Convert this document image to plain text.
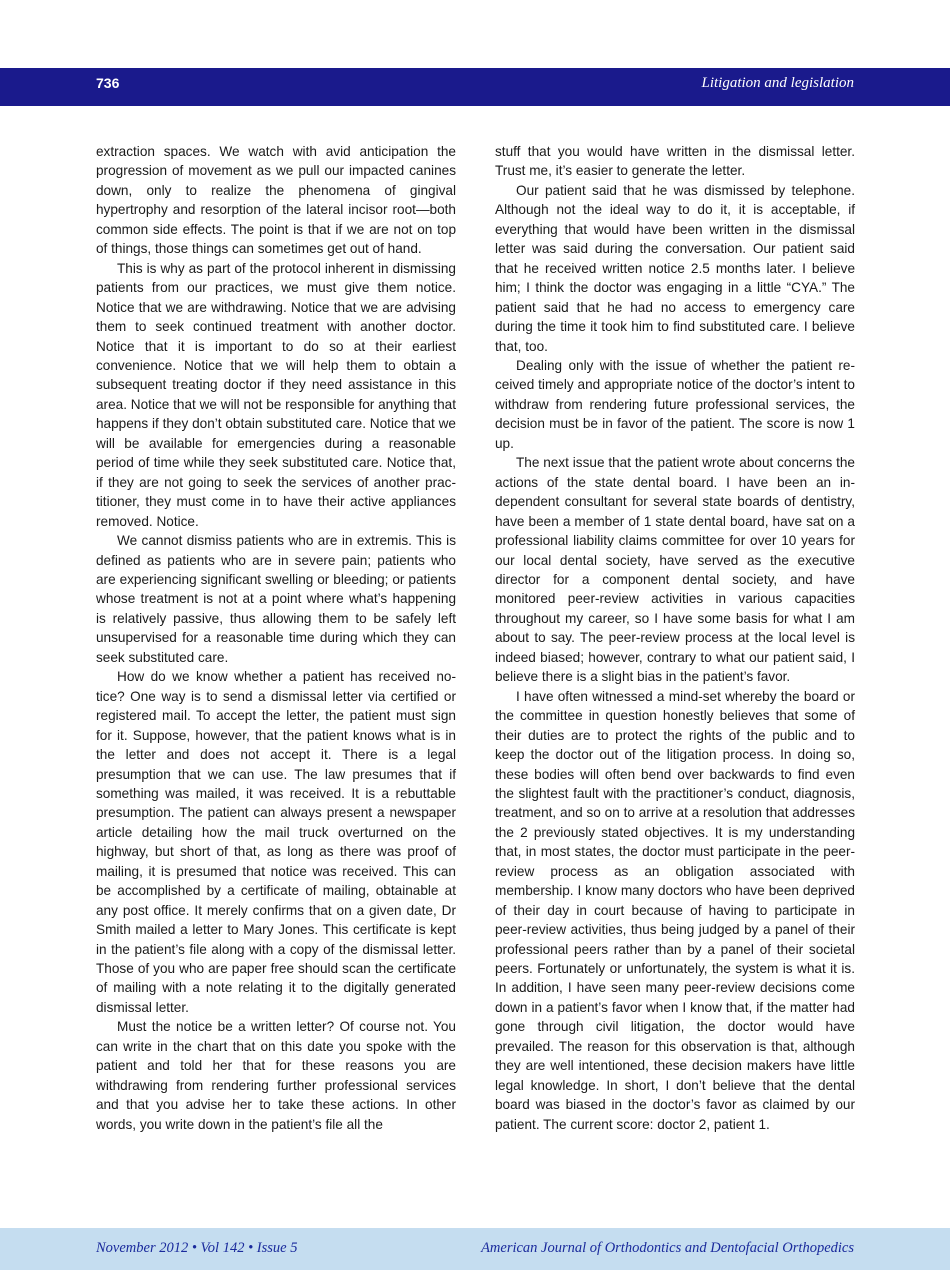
736	Litigation and legislation

extraction spaces. We watch with avid anticipation the progression of movement as we pull our impacted canines down, only to realize the phenomena of gingival hypertrophy and resorption of the lateral incisor root—both common side effects. The point is that if we are not on top of things, those things can sometimes get out of hand.

This is why as part of the protocol inherent in dismissing patients from our practices, we must give them notice. Notice that we are withdrawing. Notice that we are advising them to seek continued treatment with another doctor. Notice that it is important to do so at their earliest convenience. Notice that we will help them to obtain a subsequent treating doctor if they need assistance in this area. Notice that we will not be responsible for anything that happens if they don’t obtain substituted care. Notice that we will be available for emergencies during a reasonable period of time while they seek substituted care. Notice that, if they are not going to seek the services of another practitioner, they must come in to have their active appliances removed. Notice.

We cannot dismiss patients who are in extremis. This is defined as patients who are in severe pain; patients who are experiencing significant swelling or bleeding; or patients whose treatment is not at a point where what’s happening is relatively passive, thus allowing them to be safely left unsupervised for a reasonable time during which they can seek substituted care.

How do we know whether a patient has received notice? One way is to send a dismissal letter via certified or registered mail. To accept the letter, the patient must sign for it. Suppose, however, that the patient knows what is in the letter and does not accept it. There is a legal presumption that we can use. The law presumes that if something was mailed, it was received. It is a rebuttable presumption. The patient can always present a newspaper article detailing how the mail truck overturned on the highway, but short of that, as long as there was proof of mailing, it is presumed that notice was received. This can be accomplished by a certificate of mailing, obtainable at any post office. It merely confirms that on a given date, Dr Smith mailed a letter to Mary Jones. This certificate is kept in the patient’s file along with a copy of the dismissal letter. Those of you who are paper free should scan the certificate of mailing with a note relating it to the digitally generated dismissal letter.

Must the notice be a written letter? Of course not. You can write in the chart that on this date you spoke with the patient and told her that for these reasons you are withdrawing from rendering further professional services and that you advise her to take these actions. In other words, you write down in the patient’s file all the

stuff that you would have written in the dismissal letter. Trust me, it’s easier to generate the letter.

Our patient said that he was dismissed by telephone. Although not the ideal way to do it, it is acceptable, if everything that would have been written in the dismissal letter was said during the conversation. Our patient said that he received written notice 2.5 months later. I believe him; I think the doctor was engaging in a little “CYA.” The patient said that he had no access to emergency care during the time it took him to find substituted care. I believe that, too.

Dealing only with the issue of whether the patient received timely and appropriate notice of the doctor’s intent to withdraw from rendering future professional services, the decision must be in favor of the patient. The score is now 1 up.

The next issue that the patient wrote about concerns the actions of the state dental board. I have been an independent consultant for several state boards of dentistry, have been a member of 1 state dental board, have sat on a professional liability claims committee for over 10 years for our local dental society, have served as the executive director for a component dental society, and have monitored peer-review activities in various capacities throughout my career, so I have some basis for what I am about to say. The peer-review process at the local level is indeed biased; however, contrary to what our patient said, I believe there is a slight bias in the patient’s favor.

I have often witnessed a mind-set whereby the board or the committee in question honestly believes that some of their duties are to protect the rights of the public and to keep the doctor out of the litigation process. In doing so, these bodies will often bend over backwards to find even the slightest fault with the practitioner’s conduct, diagnosis, treatment, and so on to arrive at a resolution that addresses the 2 previously stated objectives. It is my understanding that, in most states, the doctor must participate in the peer-review process as an obligation associated with membership. I know many doctors who have been deprived of their day in court because of having to participate in peer-review activities, thus being judged by a panel of their professional peers rather than by a panel of their societal peers. Fortunately or unfortunately, the system is what it is. In addition, I have seen many peer-review decisions come down in a patient’s favor when I know that, if the matter had gone through civil litigation, the doctor would have prevailed. The reason for this observation is that, although they are well intentioned, these decision makers have little legal knowledge. In short, I don’t believe that the dental board was biased in the doctor’s favor as claimed by our patient. The current score: doctor 2, patient 1.

November 2012 • Vol 142 • Issue 5	American Journal of Orthodontics and Dentofacial Orthopedics
